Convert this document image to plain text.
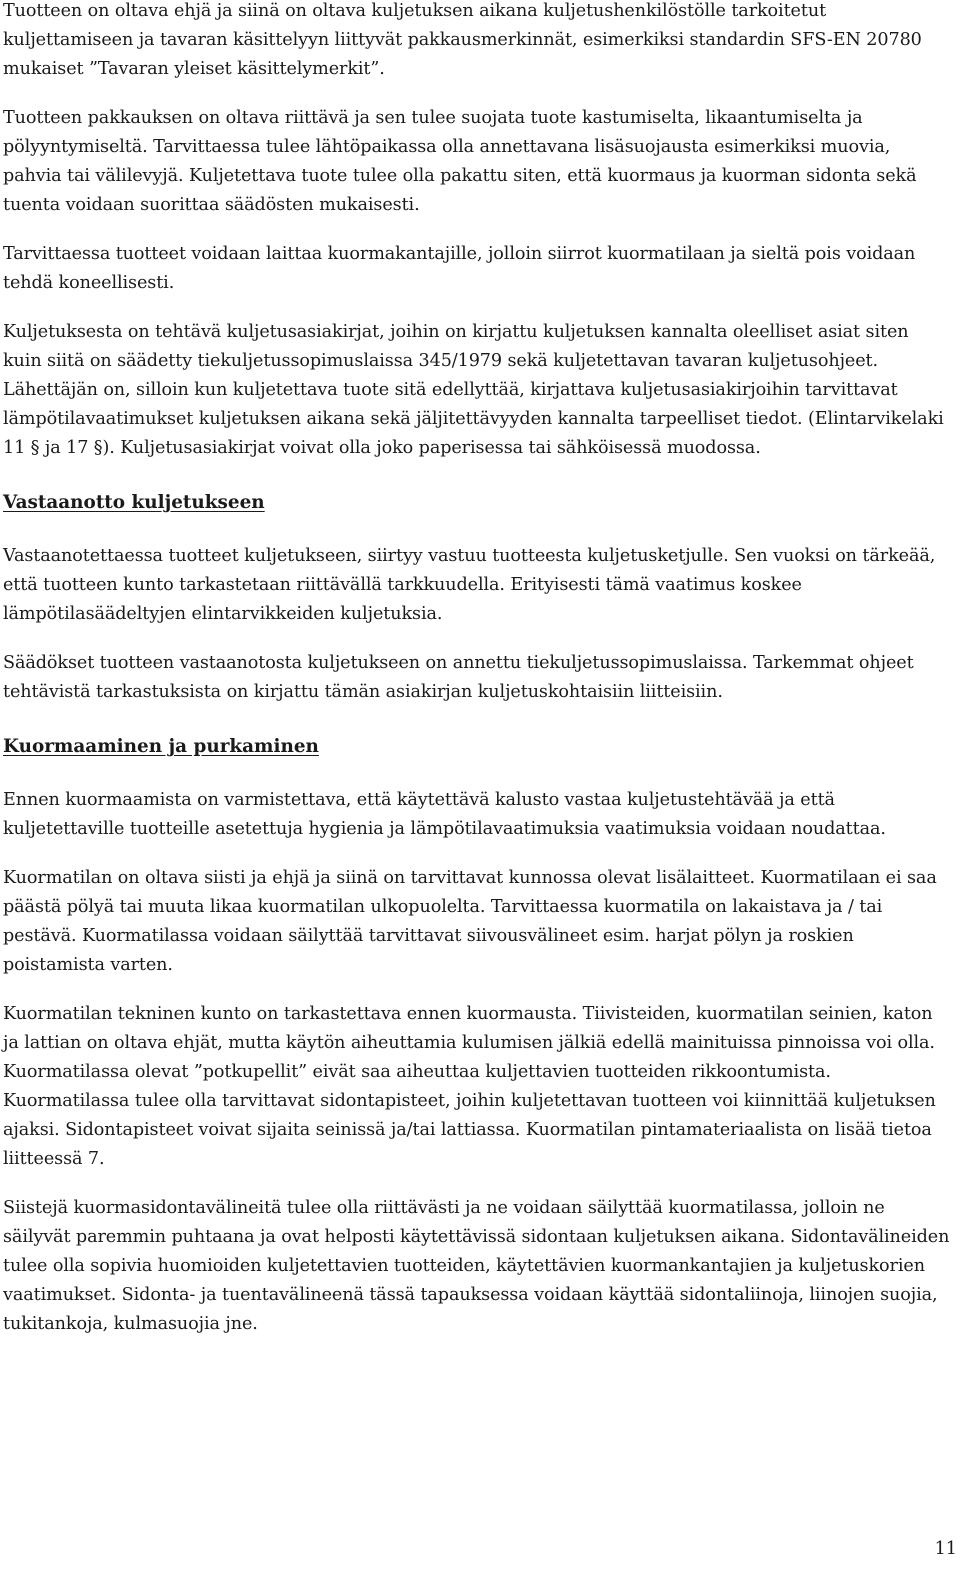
Tuotteen on oltava ehjä ja siinä on oltava kuljetuksen aikana kuljetushenkilöstölle tarkoitetut kuljettamiseen ja tavaran käsittelyyn liittyvät pakkausmerkinnät, esimerkiksi standardin SFS-EN 20780 mukaiset ”Tavaran yleiset käsittelymerkit”.

Tuotteen pakkauksen on oltava riittävä ja sen tulee suojata tuote kastumiselta, likaantumiselta ja pölyyntymiseltä. Tarvittaessa tulee lähtöpaikassa olla annettavana lisäsuojausta esimerkiksi muovia, pahvia tai välilevyjä. Kuljetettava tuote tulee olla pakattu siten, että kuormaus ja kuorman sidonta sekä tuenta voidaan suorittaa säädösten mukaisesti.

Tarvittaessa tuotteet voidaan laittaa kuormakantajille, jolloin siirrot kuormatilaan ja sieltä pois voidaan tehdä koneellisesti.

Kuljetuksesta on tehtävä kuljetusasiakirjat, joihin on kirjattu kuljetuksen kannalta oleelliset asiat siten kuin siitä on säädetty tiekuljetussopimuslaissa 345/1979 sekä kuljetettavan tavaran kuljetusohjeet. Lähettäjän on, silloin kun kuljetettava tuote sitä edellyttää, kirjattava kuljetusasiakirjoihin tarvittavat lämpötilavaatimukset kuljetuksen aikana sekä jäljitettävyyden kannalta tarpeelliset tiedot. (Elintarvikelaki 11 § ja 17 §). Kuljetusasiakirjat voivat olla joko paperisessa tai sähköisessä muodossa.

Vastaanotto kuljetukseen

Vastaanotettaessa tuotteet kuljetukseen, siirtyy vastuu tuotteesta kuljetusketjulle. Sen vuoksi on tärkeää, että tuotteen kunto tarkastetaan riittävällä tarkkuudella. Erityisesti tämä vaatimus koskee lämpötilasäädeltyjen elintarvikkeiden kuljetuksia.

Säädökset tuotteen vastaanotosta kuljetukseen on annettu tiekuljetussopimuslaissa. Tarkemmat ohjeet tehtävistä tarkastuksista on kirjattu tämän asiakirjan kuljetuskohtaisiin liitteisiin.

Kuormaaminen ja purkaminen

Ennen kuormaamista on varmistettava, että käytettävä kalusto vastaa kuljetustehtävää ja että kuljetettaville tuotteille asetettuja hygienia ja lämpötilavaatimuksia vaatimuksia voidaan noudattaa.

Kuormatilan on oltava siisti ja ehjä ja siinä on tarvittavat kunnossa olevat lisälaitteet. Kuormatilaan ei saa päästä pölyä tai muuta likaa kuormatilan ulkopuolelta. Tarvittaessa kuormatila on lakaistava ja / tai pestävä. Kuormatilassa voidaan säilyttää tarvittavat siivousvälineet esim. harjat pölyn ja roskien poistamista varten.

Kuormatilan tekninen kunto on tarkastettava ennen kuormausta. Tiivisteiden, kuormatilan seinien, katon ja lattian on oltava ehjät, mutta käytön aiheuttamia kulumisen jälkiä edellä mainituissa pinnoissa voi olla. Kuormatilassa olevat ”potkupellit” eivät saa aiheuttaa kuljettavien tuotteiden rikkoontumista. Kuormatilassa tulee olla tarvittavat sidontapisteet, joihin kuljetettavan tuotteen voi kiinnittää kuljetuksen ajaksi. Sidontapisteet voivat sijaita seinissä ja/tai lattiassa. Kuormatilan pintamateriaalista on lisää tietoa liitteessä 7.

Siistejä kuormasidontavälineitä tulee olla riittävästi ja ne voidaan säilyttää kuormatilassa, jolloin ne säilyvät paremmin puhtaana ja ovat helposti käytettävissä sidontaan kuljetuksen aikana. Sidontavälineiden tulee olla sopivia huomioiden kuljetettavien tuotteiden, käytettävien kuormankantajien ja kuljetuskorien vaatimukset. Sidonta- ja tuentavälineenä tässä tapauksessa voidaan käyttää sidontaliinoja, liinojen suojia, tukitankoja, kulmasuojia jne.

11
